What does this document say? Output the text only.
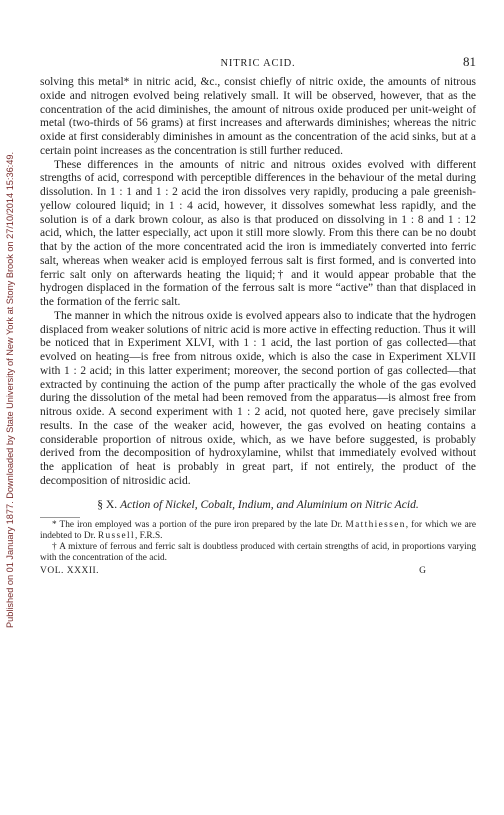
Published on 01 January 1877. Downloaded by State University of New York at Stony Brook on 27/10/2014 15:36:49.
NITRIC ACID.	81

solving this metal* in nitric acid, &c., consist chiefly of nitric oxide, the amounts of nitrous oxide and nitrogen evolved being relatively small. It will be observed, however, that as the concentration of the acid diminishes, the amount of nitrous oxide produced per unit-weight of metal (two-thirds of 56 grams) at first increases and afterwards diminishes; whereas the nitric oxide at first considerably diminishes in amount as the concentration of the acid sinks, but at a certain point increases as the concentration is still further reduced.

These differences in the amounts of nitric and nitrous oxides evolved with different strengths of acid, correspond with perceptible differences in the behaviour of the metal during dissolution. In 1 : 1 and 1 : 2 acid the iron dissolves very rapidly, producing a pale greenish-yellow coloured liquid; in 1 : 4 acid, however, it dissolves somewhat less rapidly, and the solution is of a dark brown colour, as also is that produced on dissolving in 1 : 8 and 1 : 12 acid, which, the latter especially, act upon it still more slowly. From this there can be no doubt that by the action of the more concentrated acid the iron is immediately converted into ferric salt, whereas when weaker acid is employed ferrous salt is first formed, and is converted into ferric salt only on afterwards heating the liquid;† and it would appear probable that the hydrogen displaced in the formation of the ferrous salt is more “active” than that displaced in the formation of the ferric salt.

The manner in which the nitrous oxide is evolved appears also to indicate that the hydrogen displaced from weaker solutions of nitric acid is more active in effecting reduction. Thus it will be noticed that in Experiment XLVI, with 1 : 1 acid, the last portion of gas collected—that evolved on heating—is free from nitrous oxide, which is also the case in Experiment XLVII with 1 : 2 acid; in this latter experiment; moreover, the second portion of gas collected—that extracted by continuing the action of the pump after practically the whole of the gas evolved during the dissolution of the metal had been removed from the apparatus—is almost free from nitrous oxide. A second experiment with 1 : 2 acid, not quoted here, gave precisely similar results. In the case of the weaker acid, however, the gas evolved on heating contains a considerable proportion of nitrous oxide, which, as we have before suggested, is probably derived from the decomposition of hydroxylamine, whilst that immediately evolved without the application of heat is probably in great part, if not entirely, the product of the decomposition of nitrosidic acid.

§ X. Action of Nickel, Cobalt, Indium, and Aluminium on Nitric Acid.

* The iron employed was a portion of the pure iron prepared by the late Dr. Matthiessen, for which we are indebted to Dr. Russell, F.R.S.

† A mixture of ferrous and ferric salt is doubtless produced with certain strengths of acid, in proportions varying with the concentration of the acid.

VOL. XXXII.	G
